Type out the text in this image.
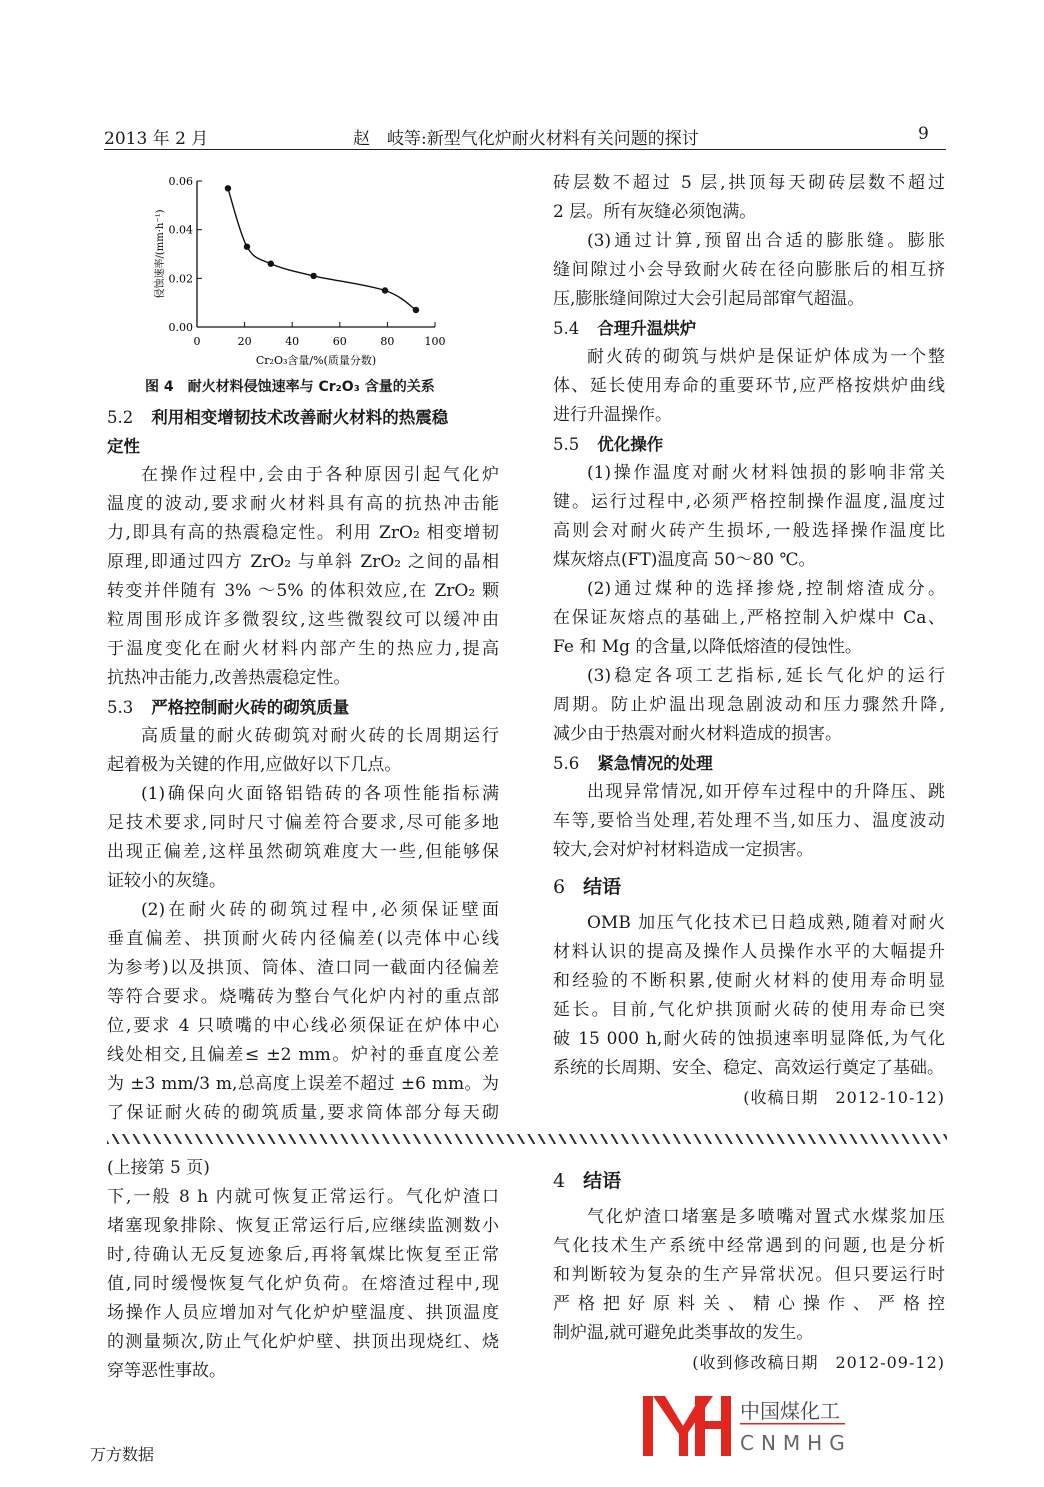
2013 年 2 月	赵　岐等:新型气化炉耐火材料有关问题的探讨	9
0	20	40	60	80	100
0.00
0.02
0.04
0.06
Cr₂O₃含量/%(质量分数)
侵蚀速率/(mm·h⁻¹)
图 4　耐火材料侵蚀速率与 Cr₂O₃ 含量的关系
5.2 利用相变增韧技术改善耐火材料的热震稳
定性
在操作过程中,会由于各种原因引起气化炉
温度的波动,要求耐火材料具有高的抗热冲击能
力,即具有高的热震稳定性。利用 ZrO₂ 相变增韧
原理,即通过四方 ZrO₂ 与单斜 ZrO₂ 之间的晶相
转变并伴随有 3% ～5% 的体积效应,在 ZrO₂ 颗
粒周围形成许多微裂纹,这些微裂纹可以缓冲由
于温度变化在耐火材料内部产生的热应力,提高
抗热冲击能力,改善热震稳定性。
5.3 严格控制耐火砖的砌筑质量
高质量的耐火砖砌筑对耐火砖的长周期运行
起着极为关键的作用,应做好以下几点。
(1)确保向火面铬铝锆砖的各项性能指标满
足技术要求,同时尺寸偏差符合要求,尽可能多地
出现正偏差,这样虽然砌筑难度大一些,但能够保
证较小的灰缝。
(2)在耐火砖的砌筑过程中,必须保证壁面
垂直偏差、拱顶耐火砖内径偏差(以壳体中心线
为参考)以及拱顶、筒体、渣口同一截面内径偏差
等符合要求。烧嘴砖为整台气化炉内衬的重点部
位,要求 4 只喷嘴的中心线必须保证在炉体中心
线处相交,且偏差≤ ±2 mm。炉衬的垂直度公差
为 ±3 mm/3 m,总高度上误差不超过 ±6 mm。为
了保证耐火砖的砌筑质量,要求筒体部分每天砌
砖层数不超过 5 层,拱顶每天砌砖层数不超过
2 层。所有灰缝必须饱满。
(3)通过计算,预留出合适的膨胀缝。膨胀
缝间隙过小会导致耐火砖在径向膨胀后的相互挤
压,膨胀缝间隙过大会引起局部窜气超温。
5.4 合理升温烘炉
耐火砖的砌筑与烘炉是保证炉体成为一个整
体、延长使用寿命的重要环节,应严格按烘炉曲线
进行升温操作。
5.5 优化操作
(1)操作温度对耐火材料蚀损的影响非常关
键。运行过程中,必须严格控制操作温度,温度过
高则会对耐火砖产生损坏,一般选择操作温度比
煤灰熔点(FT)温度高 50～80 ℃。
(2)通过煤种的选择掺烧,控制熔渣成分。
在保证灰熔点的基础上,严格控制入炉煤中 Ca、
Fe 和 Mg 的含量,以降低熔渣的侵蚀性。
(3)稳定各项工艺指标,延长气化炉的运行
周期。防止炉温出现急剧波动和压力骤然升降,
减少由于热震对耐火材料造成的损害。
5.6 紧急情况的处理
出现异常情况,如开停车过程中的升降压、跳
车等,要恰当处理,若处理不当,如压力、温度波动
较大,会对炉衬材料造成一定损害。
6 结语
OMB 加压气化技术已日趋成熟,随着对耐火
材料认识的提高及操作人员操作水平的大幅提升
和经验的不断积累,使耐火材料的使用寿命明显
延长。目前,气化炉拱顶耐火砖的使用寿命已突
破 15 000 h,耐火砖的蚀损速率明显降低,为气化
系统的长周期、安全、稳定、高效运行奠定了基础。
(收稿日期　2012-10-12)
(上接第 5 页)
下,一般 8 h 内就可恢复正常运行。气化炉渣口
堵塞现象排除、恢复正常运行后,应继续监测数小
时,待确认无反复迹象后,再将氧煤比恢复至正常
值,同时缓慢恢复气化炉负荷。在熔渣过程中,现
场操作人员应增加对气化炉炉壁温度、拱顶温度
的测量频次,防止气化炉炉壁、拱顶出现烧红、烧
穿等恶性事故。
4 结语
气化炉渣口堵塞是多喷嘴对置式水煤浆加压
气化技术生产系统中经常遇到的问题,也是分析
和判断较为复杂的生产异常状况。但只要运行时
严格把好原料关、精心操作、严格控
制炉温,就可避免此类事故的发生。
(收到修改稿日期　2012-09-12)
中国煤化工
CNMHG
万方数据
